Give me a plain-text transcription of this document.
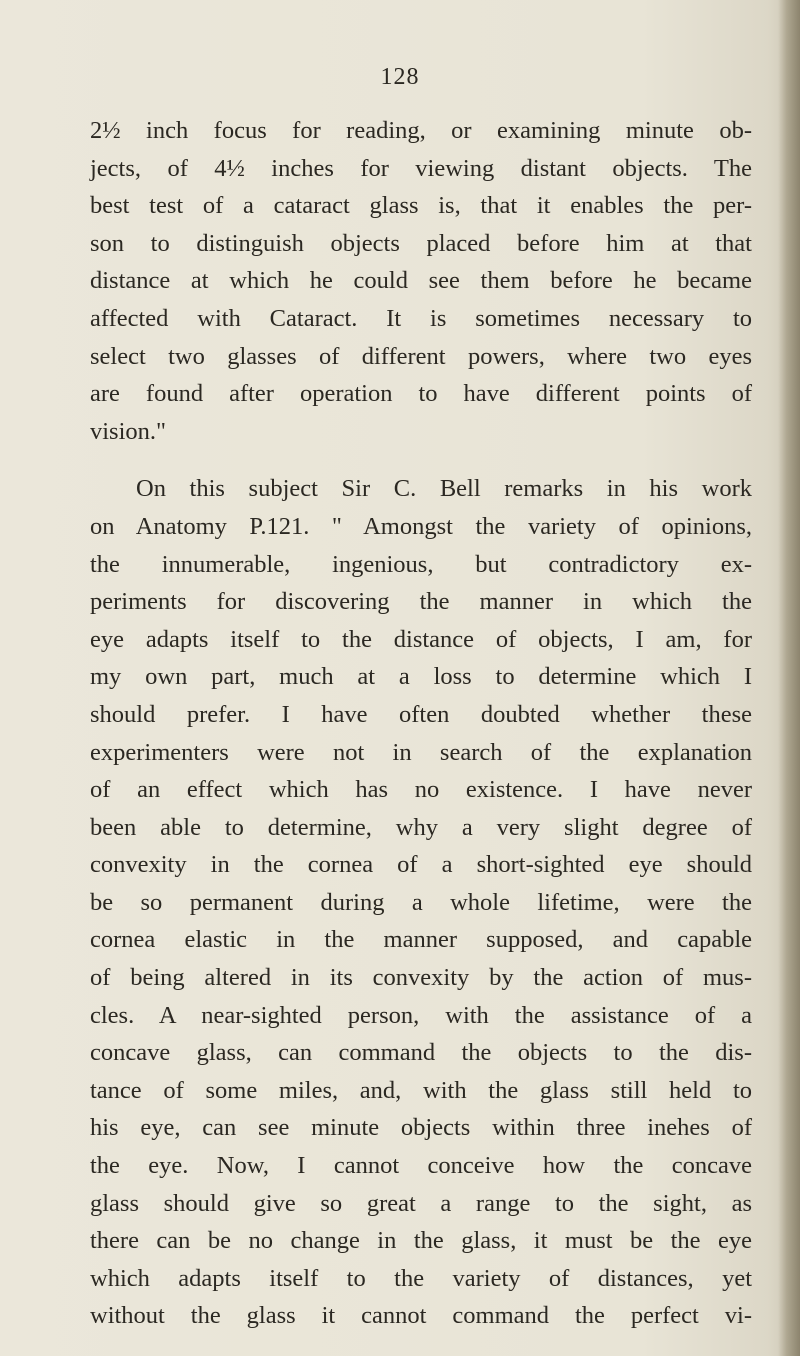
128
2½ inch focus for reading, or examining minute ob-
jects, of 4½ inches for viewing distant objects. The
best test of a cataract glass is, that it enables the per-
son to distinguish objects placed before him at that
distance at which he could see them before he became
affected with Cataract. It is sometimes necessary to
select two glasses of different powers, where two eyes
are found after operation to have different points of
vision."
On this subject Sir C. Bell remarks in his work
on Anatomy P.121. " Amongst the variety of opinions,
the innumerable, ingenious, but contradictory ex-
periments for discovering the manner in which the
eye adapts itself to the distance of objects, I am, for
my own part, much at a loss to determine which I
should prefer. I have often doubted whether these
experimenters were not in search of the explanation
of an effect which has no existence. I have never
been able to determine, why a very slight degree of
convexity in the cornea of a short-sighted eye should
be so permanent during a whole lifetime, were the
cornea elastic in the manner supposed, and capable
of being altered in its convexity by the action of mus-
cles. A near-sighted person, with the assistance of a
concave glass, can command the objects to the dis-
tance of some miles, and, with the glass still held to
his eye, can see minute objects within three inehes of
the eye. Now, I cannot conceive how the concave
glass should give so great a range to the sight, as
there can be no change in the glass, it must be the eye
which adapts itself to the variety of distances, yet
without the glass it cannot command the perfect vi-
